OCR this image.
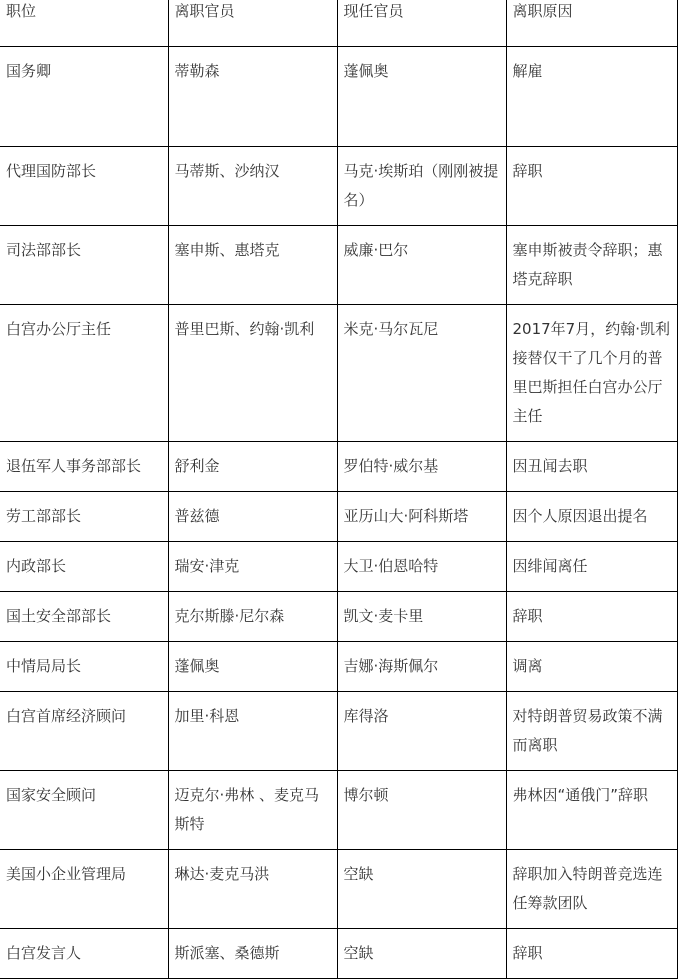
职位	离职官员	现任官员	离职原因
国务卿	蒂勒森	蓬佩奥	解雇
代理国防部长	马蒂斯、沙纳汉	马克·埃斯珀（刚刚被提名）	辞职
司法部部长	塞申斯、惠塔克	威廉·巴尔	塞申斯被责令辞职；惠塔克辞职
白宫办公厅主任	普里巴斯、约翰·凯利	米克·马尔瓦尼	2017年7月，约翰·凯利接替仅干了几个月的普里巴斯担任白宫办公厅主任
退伍军人事务部部长	舒利金	罗伯特·威尔基	因丑闻去职
劳工部部长	普兹德	亚历山大·阿科斯塔	因个人原因退出提名
内政部长	瑞安·津克	大卫·伯恩哈特	因绯闻离任
国土安全部部长	克尔斯滕·尼尔森	凯文·麦卡里	辞职
中情局局长	蓬佩奥	吉娜·海斯佩尔	调离
白宫首席经济顾问	加里·科恩	库得洛	对特朗普贸易政策不满而离职
国家安全顾问	迈克尔·弗林 、麦克马斯特	博尔顿	弗林因“通俄门”辞职
美国小企业管理局	琳达·麦克马洪	空缺	辞职加入特朗普竞选连任筹款团队
白宫发言人	斯派塞、桑德斯	空缺	辞职
